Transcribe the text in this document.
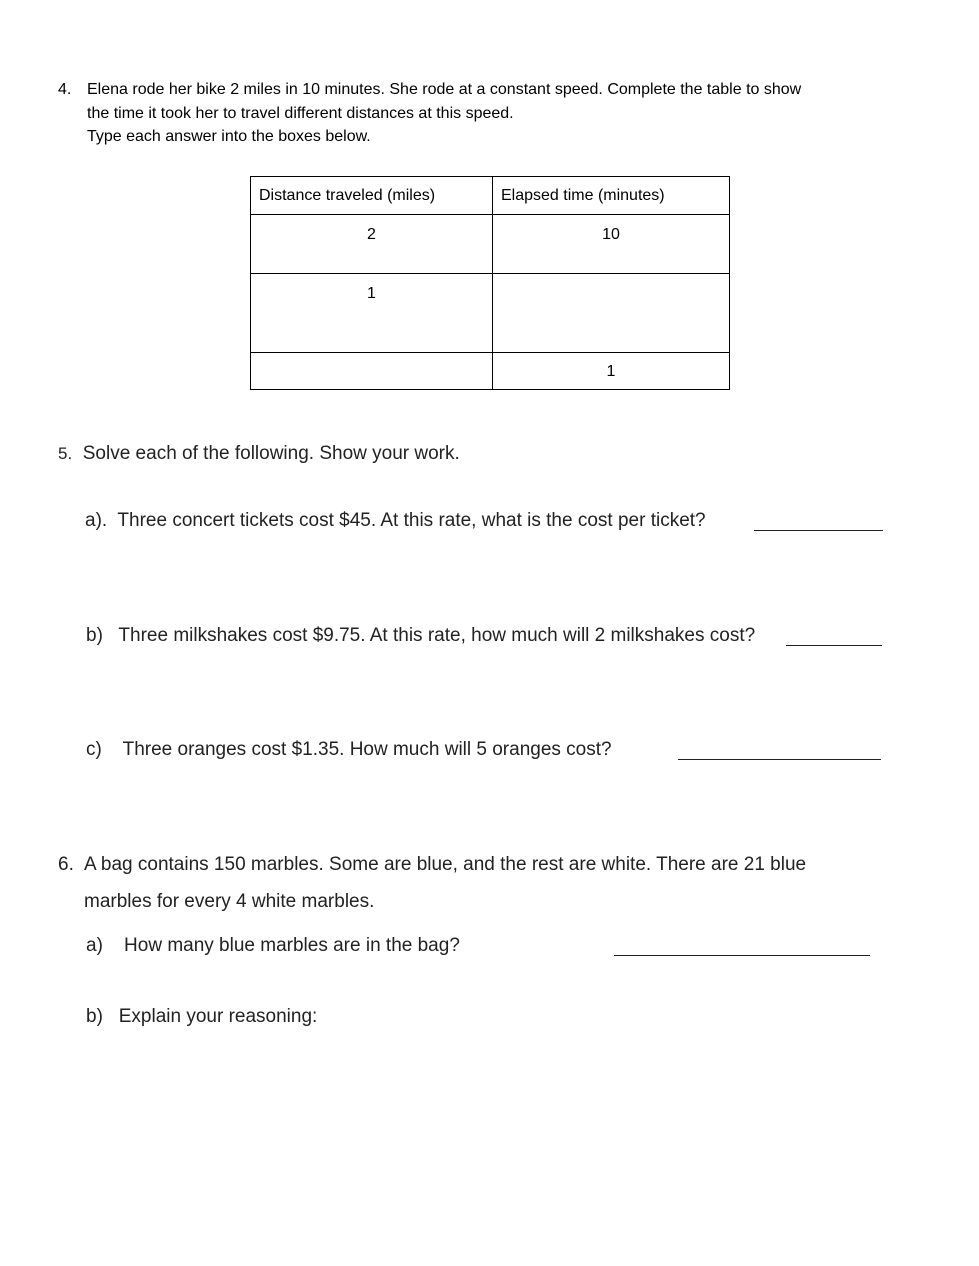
4. Elena rode her bike 2 miles in 10 minutes. She rode at a constant speed. Complete the table to show
the time it took her to travel different distances at this speed.
Type each answer into the boxes below.
Distance traveled (miles)	Elapsed time (minutes)
2	10
1	
	1
5. Solve each of the following. Show your work.
a). Three concert tickets cost $45. At this rate, what is the cost per ticket?
b) Three milkshakes cost $9.75. At this rate, how much will 2 milkshakes cost?
c) Three oranges cost $1.35. How much will 5 oranges cost?
6. A bag contains 150 marbles. Some are blue, and the rest are white. There are 21 blue
marbles for every 4 white marbles.
a) How many blue marbles are in the bag?
b) Explain your reasoning:
